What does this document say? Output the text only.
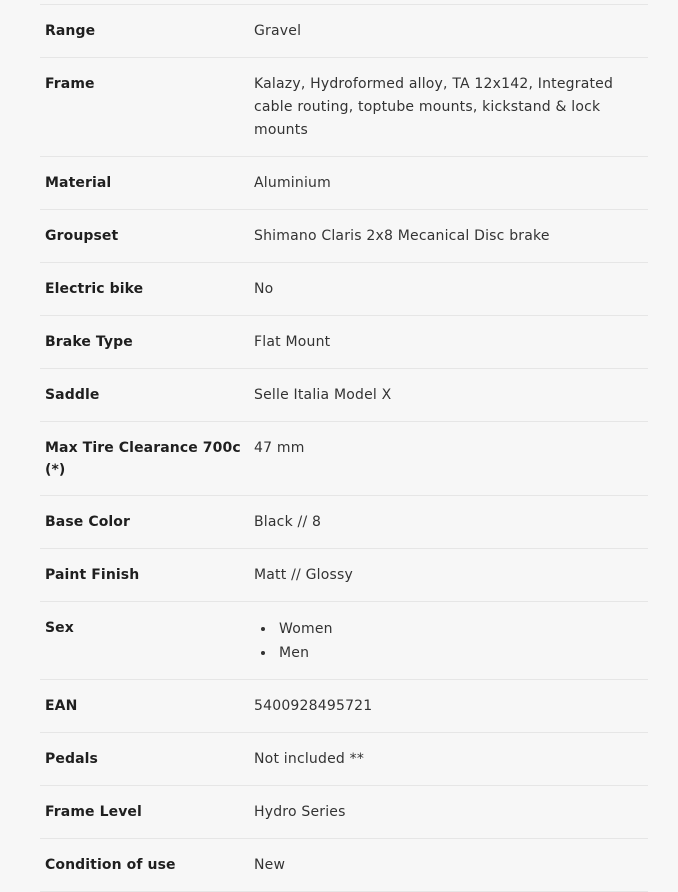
Range	Gravel
Frame	Kalazy, Hydroformed alloy, TA 12x142, Integrated cable routing, toptube mounts, kickstand & lock mounts
Material	Aluminium
Groupset	Shimano Claris 2x8 Mecanical Disc brake
Electric bike	No
Brake Type	Flat Mount
Saddle	Selle Italia Model X
Max Tire Clearance 700c (*)
47 mm
Base Color	Black // 8
Paint Finish	Matt // Glossy
Sex
•	Women
• Men
EAN	5400928495721
Pedals	Not included **
Frame Level	Hydro Series
Condition of use	New
